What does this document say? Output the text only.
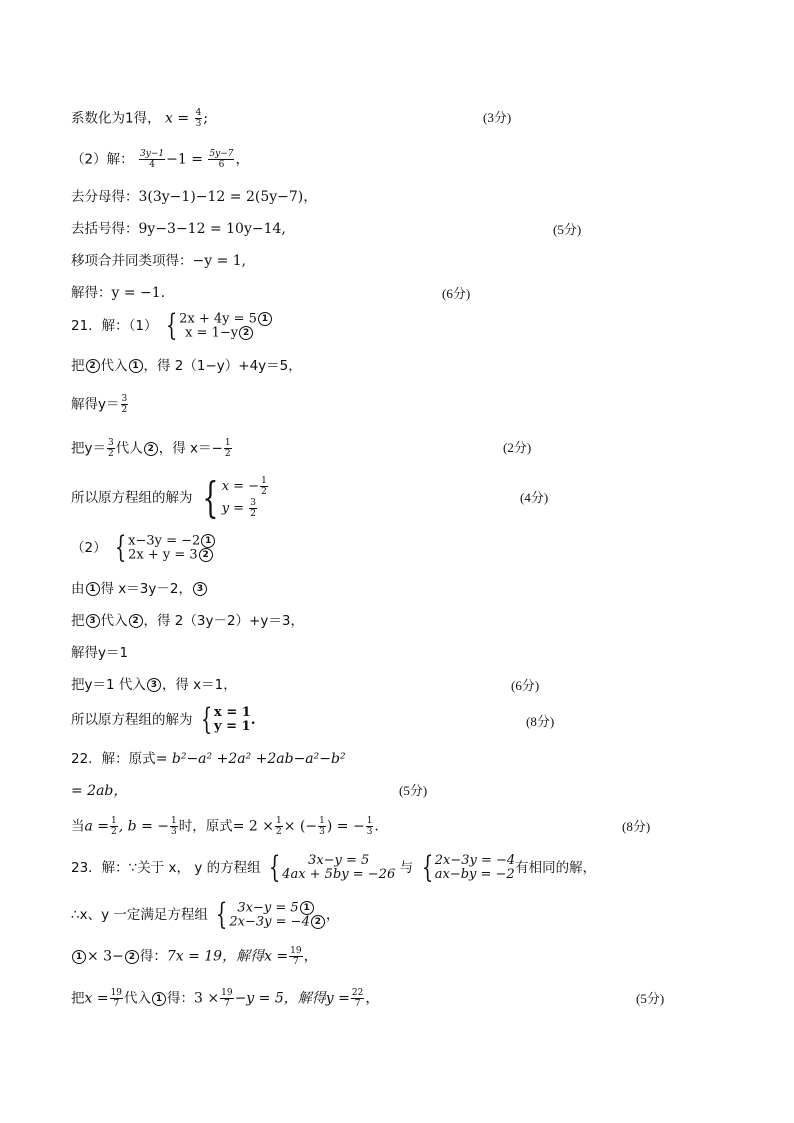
系数化为1得， $x = \frac{4}{3}$ ;	(3分)
（2）解： $\frac{3y-1}{4} -1 = \frac{5y-7}{6}$ ，
去分母得：3(3y−1)−12 = 2(5y−7)，
去括号得：9y−3−12 = 10y−14,	(5分)
移项合并同类项得：−y = 1,
解得：y = −1.	(6分)
21．解：（1） { 2x + 4y = 5 1
x = 1−y 2
把 2 代入 1 ，得 2（1−y）+4y＝5，
解得$y= \frac{3}{2}$
把$y= \frac{3}{2}$ 代人 2 ，得 $x=- \frac{1}{2}$	(2分)
所以原方程组的解为 { x = − $\frac{1}{2}$
$y = \frac{3}{2}$
(4分)
（2） { x−3y = −2 1
2x + y = 3 2
由 1 得 x＝3y－2， 3
把 3 代入 2 ，得 2（3y－2）+y＝3，
解得y＝1
把y＝1 代入 3 ，得 x＝1，	(6分)
所以原方程组的解为 { x = 1
y = 1 .	(8分)
22．解：原式= b²−a² +2a² +2ab−a²−b²
= 2ab，	(5分)
当$a = \frac{1}{2}$ , b = − $\frac{1}{3}$ 时，原式= $2 \times \frac{1}{2}$ × (− $\frac{1}{3}$ ) = − $\frac{1}{3}$ .	(8分)
23．解：∵关于 x， y 的方程组 { 3x−y = 5
4ax + 5by = −26 与 { 2x−3y = −4
ax−by = −2 有相同的解，
∴x、y 一定满足方程组 { 3x−y = 5 1
2x−3y = −4 2 ，
1 × 3− 2 得：7x = 19，解得$x = \frac{19}{7}$ ，
把$x = \frac{19}{7}$ 代入 1 得：$3 \times \frac{19}{7} -y = 5$，解得$y = \frac{22}{7}$ ，	(5分)
